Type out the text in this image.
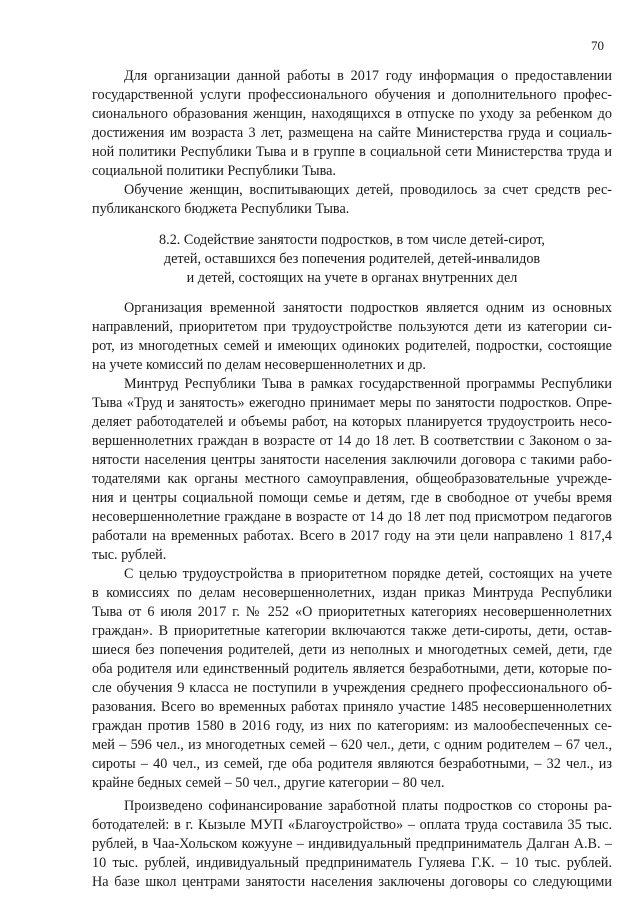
70
Для организации данной работы в 2017 году информация о предоставлении
государственной услуги профессионального обучения и дополнительного профес-
сионального образования женщин, находящихся в отпуске по уходу за ребенком до
достижения им возраста 3 лет, размещена на сайте Министерства груда и социаль-
ной политики Республики Тыва и в группе в социальной сети Министерства труда и
социальной политики Республики Тыва.
Обучение женщин, воспитывающих детей, проводилось за счет средств рес-
публиканского бюджета Республики Тыва.
8.2. Содействие занятости подростков, в том числе детей-сирот,
детей, оставшихся без попечения родителей, детей-инвалидов
и детей, состоящих на учете в органах внутренних дел
Организация временной занятости подростков является одним из основных
направлений, приоритетом при трудоустройстве пользуются дети из категории си-
рот, из многодетных семей и имеющих одиноких родителей, подростки, состоящие
на учете комиссий по делам несовершеннолетних и др.
Минтруд Республики Тыва в рамках государственной программы Республики
Тыва «Труд и занятость» ежегодно принимает меры по занятости подростков. Опре-
деляет работодателей и объемы работ, на которых планируется трудоустроить несо-
вершеннолетних граждан в возрасте от 14 до 18 лет. В соответствии с Законом о за-
нятости населения центры занятости населения заключили договора с такими рабо-
тодателями как органы местного самоуправления, общеобразовательные учрежде-
ния и центры социальной помощи семье и детям, где в свободное от учебы время
несовершеннолетние граждане в возрасте от 14 до 18 лет под присмотром педагогов
работали на временных работах. Всего в 2017 году на эти цели направлено 1 817,4
тыс. рублей.
С целью трудоустройства в приоритетном порядке детей, состоящих на учете
в комиссиях по делам несовершеннолетних, издан приказ Минтруда Республики
Тыва от 6 июля 2017 г. № 252 «О приоритетных категориях несовершеннолетних
граждан». В приоритетные категории включаются также дети-сироты, дети, остав-
шиеся без попечения родителей, дети из неполных и многодетных семей, дети, где
оба родителя или единственный родитель является безработными, дети, которые по-
сле обучения 9 класса не поступили в учреждения среднего профессионального об-
разования. Всего во временных работах приняло участие 1485 несовершеннолетних
граждан против 1580 в 2016 году, из них по категориям: из малообеспеченных се-
мей – 596 чел., из многодетных семей – 620 чел., дети, с одним родителем – 67 чел.,
сироты – 40 чел., из семей, где оба родителя являются безработными, – 32 чел., из
крайне бедных семей – 50 чел., другие категории – 80 чел.
Произведено софинансирование заработной платы подростков со стороны ра-
ботодателей: в г. Кызыле МУП «Благоустройство» – оплата труда составила 35 тыс.
рублей, в Чаа-Хольском кожууне – индивидуальный предприниматель Далган А.В. –
10 тыс. рублей, индивидуальный предприниматель Гуляева Г.К. – 10 тыс. рублей.
На базе школ центрами занятости населения заключены договоры со следующими
